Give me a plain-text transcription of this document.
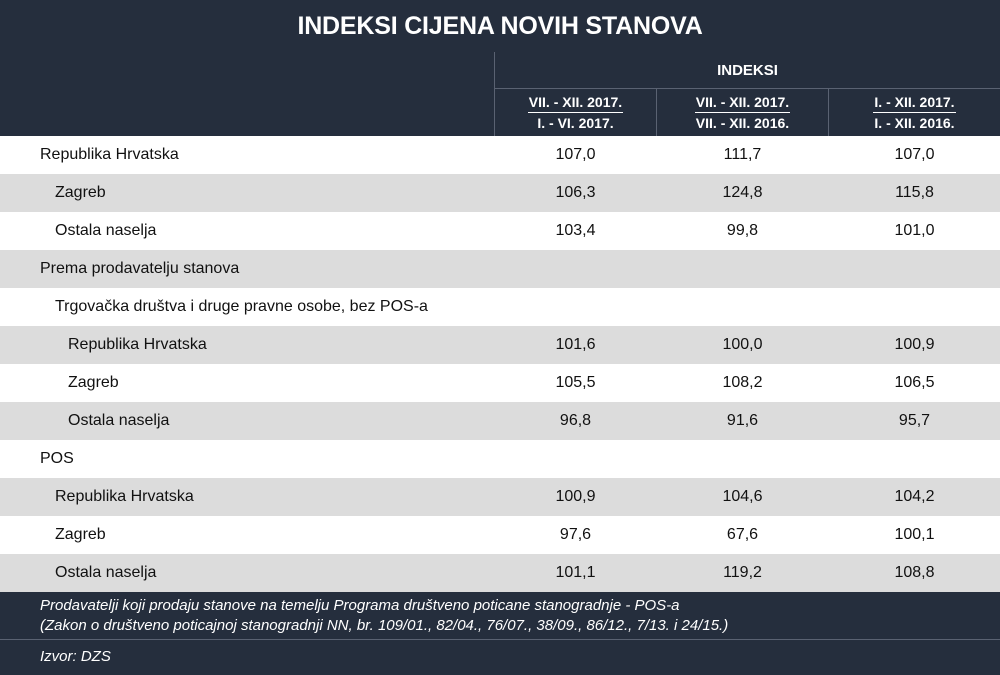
INDEKSI CIJENA NOVIH STANOVA
INDEKSI
VII. - XII. 2017.
I. - VI. 2017.
VII. - XII. 2017.
VII. - XII. 2016.
I. - XII. 2017.
I. - XII. 2016.
Republika Hrvatska	107,0	111,7	107,0
Zagreb	106,3	124,8	115,8
Ostala naselja	103,4	99,8	101,0
Prema prodavatelju stanova
Trgovačka društva i druge pravne osobe, bez POS-a
Republika Hrvatska	101,6	100,0	100,9
Zagreb	105,5	108,2	106,5
Ostala naselja	96,8	91,6	95,7
POS
Republika Hrvatska	100,9	104,6	104,2
Zagreb	97,6	67,6	100,1
Ostala naselja	101,1	119,2	108,8
Prodavatelji koji prodaju stanove na temelju Programa društveno poticane stanogradnje - POS-a
(Zakon o društveno poticajnoj stanogradnji NN, br. 109/01., 82/04., 76/07., 38/09., 86/12., 7/13. i 24/15.)
Izvor: DZS
